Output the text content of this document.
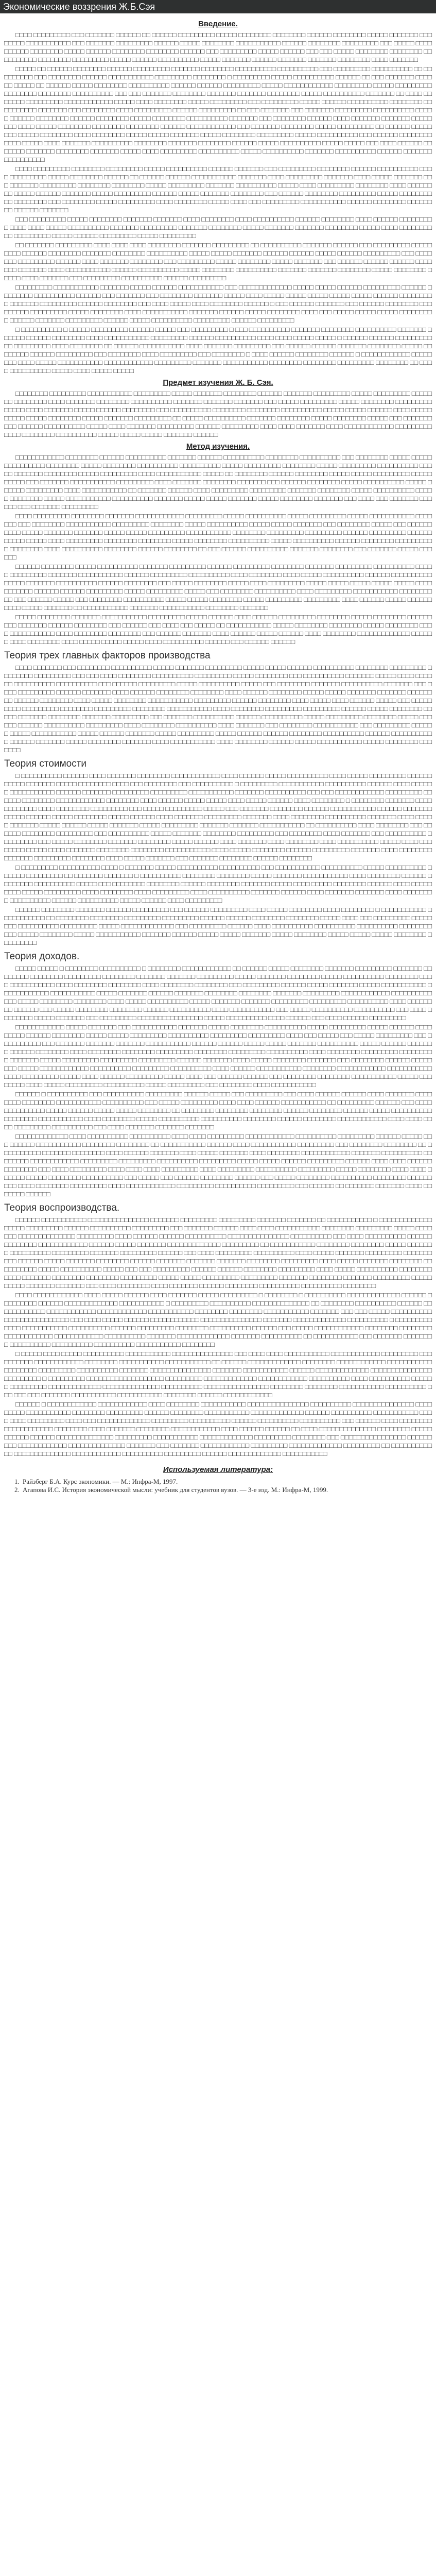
Экономические воззрения Ж.Б.Сэя
Введение.

□□□□ □□□□□□□□□ □□□ □□□□□□□ □□□□□□ □□ □□□□□□ □□□□□□□□□ □□□□□ □□□□□□□□ □□□□□□□□ □□□□□□ □□□□□□□□ □□□□□ □□□□□□□ □□□□□□□□ □□□□□□□□□□□ □□□ □□□□□□□ □□□□□□□□□ □□□□□□ □□□□□ □□□□□□□□ □□□□□□□□□□□ □□□□□□ □□□□□□□□ □□□□□□□□□ □□□ □□□□□ □□□□□□□□□□ □□□□□□□□ □□□□□ □□□□□□ □□□□□□□□ □□□□□□□□ □□□□□□ □□□ □□□□□□□□□ □□□□□ □□□□□□ □□□ □□□ □□□□□ □□□□□□□□ □□□□□□□□ □□□□□□□□□□ □□□□□□□□ □□□□□□□□□ □□□□□ □□□□□□ □□□□□□□□□□ □□□□□ □□□□□□□ □□□□□□ □□□□□□□ □□□□□□□ □□□□□□□□ □□□□ □□□□□□□

□□□□□ □□ □□□□□□ □□□□□□□□ □□□□□□ □□□□□□□□□ □□□□□□□ □□□□□□□□ □□□□□□□□□□ □□□□□□□□□□ □□□ □□□□□□□□□ □□□□□□□□□□ □□ □□□□□□□□□ □□□ □□□□□□□□ □□□□□□ □□□□□□□□□□□ □□□□□□□□□ □□□□□□□□ □ □□□□□□□□□ □□□□□ □□□□□□□□□□ □□□□□□ □□ □□□ □□□□□□□ □□□□□□ □□□□□ □□ □□□□□□ □□□□□ □□□□□□□□ □□□□□□□□□□ □□□□□□ □□□□□□ □□□□□□□□□ □□□□□ □□□□□□□□□□□□ □□□□□□□□□ □□□□□ □□□□□□□□□ □□□□□□□□ □□□□□□□□ □□□□□□□□□□ □□□ □□□ □□□□□□□ □□□□□□□□ □□□□□□□ □□□□□□□ □□□□□□□□ □□□□□ □□□□□□□□□□ □□□□□□□ □□ □□□□ □□□□□□□ □□□□□□□□□ □□□□□□□□□□□□ □□□□□ □□□□ □□□□□□□□ □□□□□ □□□□□□□□□ □□□ □□□□□□□□□ □□□□□ □□□□□□ □□□□□□□□□□ □□□□□□□□ □□□□□□□□□□ □□□□□□□ □□□ □□□□□□□□ □□□□ □□□□□□□□□ □□□□□□ □□□□□□□□□ □□ □□□ □□□□□□□ □□□ □□□□□□□ □□□□□□□□□ □□□□□□□□□□ □□□□□ □□□□□□ □□□□□□□□ □□□□□□ □□□□□□□□ □□□□□ □□□□□□□□ □□□□□□□□□□ □□□□□□□ □□□ □□□□□□□□ □□□□□□ □□□□ □□□□□□□ □□□□□□□ □□□□□□□□ □□□□ □□□□□ □□□□□□□□ □□□□□□□□ □□□□□□□□ □□□□□□ □□□□□□□□□□□□ □□□ □□□□□□□ □□□□□□□□ □□□□□ □□□□□□□□□ □□ □□□□□□ □□□□□□□□ □□□□□ □□□□□□□□ □□□□ □□□□□□□□ □□□□□ □□□□□ □□□□□□□ □□□□□ □□□□□□□□ □□□□□□□□□ □□□□□ □□□□□□□□□□ □□□ □□□□□□ □□□□□□□□□□□□ □□□□□ □□□□ □□□□□□□ □□□□□□□□□□ □□□□□□□□ □□□□□□□ □□□□□□□□ □□□□□□ □□□□□ □□□□□□□□□□ □□□□□ □□□□□ □□□ □□□□ □□□□□□ □□□□□□□ □□□□□□□ □□□□□□□□ □□□□□□□ □□□□□ □□□□ □□□□□□□□□ □□□□□□□□□□ □□□□□ □□□□□□□□□□ □□□□□□□ □□□□□□□□□□ □□□□□□ □□□□□□□ □□□□□□□□□□

□□□□ □□□□□□□□□ □□□□□□□□ □□□□□□□□□ □□□□□ □□□□□□□□□□ □□□□□□ □□□□□□□ □□□ □□□□□□□□□ □□□□□□□□ □□□□□□ □□□□□□□□□□ □□□□ □□□□□□□□□ □□□□□ □□□□□□□□ □□□□□□ □□ □□□□□□ □□□□□□ □□□□□□□□□□□ □□□□□□□ □□□□ □□□□□□□□□ □□□□□□□ □□□□ □□□□□ □□□□□□□ □□□ □□□□□□□ □□□□□□□□□ □□□□□□□□ □□□□□□□□ □□□□□ □□□□□□□□□ □□□□□□□ □□□□□□□□□□ □□□□□ □□□□ □□□□□□□□□ □□□□□□□□ □□□□ □□□□□□□□ □□□□□ □□□□□□ □□□□□□□ □□□□□ □□□□□□□□□ □□□□□□ □□□□□ □□□□□□□ □□□□□□□□ □□□ □□□□□□ □□□□□□□□ □□□□□□□□□ □□□□□ □□□□□□□□□□ □□□□□□□□ □□□ □□□□□□□□ □□□□□ □□□□□□□□□ □□□□ □□□□□□□□ □□□□□ □□□□ □□□ □□□□□□□□□ □□□□□□□□□□□ □□□□□□ □□□□□□□□ □□□□□□□□ □□□□□□ □□□□□□□

□□□ □□□□□□□□□ □□□□□ □□□□□□□□ □□□□□□□ □□□□□□□ □□□□ □□□□□□□□ □□□□ □□□□□□□□□□ □□□□□□ □□□□□□□□ □□□□ □□□□□□ □□□□□□□□□ □□□□ □□□□ □□□□□ □□□□□□□□□□ □□□□□□□ □□□□□□□□□ □□□□□□□ □□□□□□□□ □□□□□ □□□□□□□ □□□□□□□ □□□□□□□□ □□□□□ □□□□ □□□□□□□□□□ □□□□□□□□□ □□□□□ □□□□□□ □□□□□□□□□ □□□□□ □□□□□□□□□

□□ □□□□□□□ □□□□□□□□□ □□□□ □□□□ □□□□ □□□□□□□□ □□□□□□□ □□□□□□□□□ □□ □□□□□□□□□□ □□□□□□□ □□□□□□ □□□ □□□□□□□□□ □□□□□□□□□ □□□□□□ □□□□□□□□ □□□□□□□ □□□□□□□□ □□□□□□□□□□ □□□□□ □□□□□ □□□□□□□ □□□□□□ □□□□□□ □□□□□ □□□□□□ □□□□□□□□□ □□□ □□□□□□□ □□□□□□□□□ □□□□□□ □□□□ □□□□□□□ □□□□□□□□ □□□ □□□□□□□□□ □□□□□ □□□□□□□□ □□□□□ □□□□□□□ □□□ □□□□□□ □□□□□□ □□□□□□ □□□□□□□ □□□□□□□ □□□□ □□□□□□□□□□□ □□□□□□ □□□□□□□□□□ □□□□□ □□□□□□□□ □□□□□□□□□□ □□□□□□□ □□□□□□□ □□□□□□□□ □□□□□ □□□□□□□□ □□□□□ □□□□ □□□□□□□ □□□ □□□□□□□□□ □□□□□□□□□□ □□□□□□ □□□□□□□□□

□□□□□□□□□ □□□□□□□□□□□ □□□□□□□ □□□□□ □□□□□□ □□□□□□□□□□□ □□□ □□□□□□□□□□□□□ □□□□□ □□□□□ □□□□□□ □□□□□□□□□ □□□□□□ □□□□□□□□ □□□□□□□□□□ □□□□□□ □□□ □□□□□□□ □□□ □□□□□□□□ □□□□□□□ □□□□□ □□□□ □□□□□ □□□□□ □□□□□ □□□□□ □□□□□ □□□□□□ □□□□□□□□□ □□□□□□□ □□□□□□□□□ □□□□□□ □□□□□□□□ □□□ □□□□ □□□□□ □□□□ □□□□□□□□ □□□□□□ □ □□□ □□□□□□ □□□□□□□ □□□ □□□□□□ □□□□□□□□ □□□□□□□□□ □□□□□□□□□ □□□□□ □□□□□□□□ □□□□ □□□□□□□□□□□ □□□□□□□ □□□□□□ □□□□□ □□□□□□□□ □□□□ □□□ □□□□□ □□□□□ □□□□□ □□□□□□□□□ □□□□□□ □□□□□□□ □□□□□□□□□ □□□□□□ □□□□□ □□□□□□□□□□ □□□□□□□□□ □□□□□□ □□□□□□□□□

□ □□□□□□□□□□ □ □□□□□ □□□□□□□□□ □□□□□□ □□□□□ □□□ □□□□□□□□□ □ □□□ □□□□□□□□□□ □□□□□□□ □□□□□□□□ □□□□□□□□□□ □□□□□□□ □□□□□□ □□□□□□ □□□□□□□□ □□□□ □□□□□□□□□□□ □□□□□□□□□ □□□□□□ □□□□□□□□□□ □□□□ □□□□ □□□□□ □□□□□ □ □□□□□□ □□□□□□ □□□□□□□□□□□ □□□□□□□□□ □□□□ □□□□□□□□ □□ □□□□□□ □□□□□□□□□□□ □□□□ □□□□□□□ □□□□□□□□□ □□□ □□□□□□ □□□□□□ □□□□□□□ □□□□□□□□ □□□□□ □□□□□□□□ □□□□□□ □□□□□□□□□ □□□ □□□□□□□□ □□□□ □□□□□□□□□ □□□ □□□□□□□□ □ □□□□ □□□□□□ □□□□□□□□ □□□□□□ □ □□□□□□□□□□□□ □□□□□□□□ □□□□ □□□□□ □□□□□□□□□□□ □□□□□□□□□□□□ □□□□□□□□□ □□□□□□□ □□□□□□□□□□□ □□□□□□□□ □□□□□□□□ □□□□□□□□□ □□□□□□□□ □□ □□□□ □□□□□□□□□□ □□□□□ □□□□ □□□□□ □□□□□

Предмет изучения Ж. Б. Сэя.

□□□□□□□□ □□□□□□□□□ □□□□□□□□□□□ □□□□□□□□□ □□□□□ □□□□□□□ □□□□□□□□ □□□□□□ □□□□□□□ □□□□□□□□□ □□□□□ □□□□□□□□□ □□□□□□□ □□□□□□□□ □□□□ □□□□□□□ □□□□□□□□ □□□□□□□□□□ □□□□□□□ □□□□□□□ □□□□□□□ □□□ □□□□□ □□□□□□□□□ □□□□□ □□□□□□□□ □□□□□□□□□ □□□□□ □□□□ □□□□□□□ □□□□□ □□□□□□ □□□□□□□□ □□□ □□□□□□□□□□ □□□□□□□□ □□□□□□□□ □□□□□□□□□□ □□□□□ □□□□□ □□□□□□ □□□□ □□□□□□□□□□ □□□□□ □□□□□□□□ □□□□□ □□□□□□□ □□□□□□□□□ □□ □□□□□ □□□□□□□□□□ □□□□□□□ □□□□□□□□ □□□□□ □□□□□□□□ □□□□□ □□□ □□□□□□□□□□ □□□□□□ □□□□□□□□□□ □□□□□ □□□□ □□□□□□□ □□□□□□□□□ □□□□□□ □□□□□□□□□ □□□□ □□□□ □□□□□□□ □□□□ □□□□□□□□□□□□ □□□□□□□□□ □□□□ □□□□□□□□ □□□□□□□□□□ □□□□□ □□□□□ □□□□□ □□□□□□□ □□□□□□

Метод изучения.

□□□□□□□□□□□□ □□□□□□□□ □□□□□□ □□□□□□□□□□ □□□□□□□ □□□□□□ □□□□□□□□□□ □□□□□□□□ □□□□□□□□□□ □□□ □□□□□□□□ □□□□□ □□□□□ □□□□□□□□□□ □□□□□□□□ □□□□□ □□□□□□□□ □□□□□□□□□□ □□□□□□□□□□ □□□□□ □□□□□□□□□ □□□□□□□□ □□□□□ □□□□□□□□□ □□□□□□□□□□ □□□□□ □□□□□□□ □□□□□□□□ □□□□□ □□□□□□□□□ □□□□ □□□□□□□□□□□ □□□□□ □□ □□□□□□□□ □□□□□□ □□□□□□□□ □□□□□ □□□□□ □□□□□□□□□ □□□□□□□□□□ □□□ □□□□□□□ □□□□□□□□□□□ □□□□□□□□□ □□□□ □□□□□□□ □□□□□□□□ □□□□□□□ □□□ □□□□□□ □□□□□□□□ □□□□□ □□□□□□□□□□ □□□□□ □□□□□□ □□□□□□□□□ □□□□ □□□□□□□□□□□ □□ □□□□□□□ □□□□□□ □□□□ □□□□□□□□□ □□□□□□□□□ □□□□□□□ □□□□□□□□ □□□□□ □□□□□□□□□□ □□□□□ □□□□□□□□ □□□□□ □□□□□□□□□□□ □□□□□□□□□□ □□□□□□□ □□□□□ □□□□□ □□□□□□□ □□□□□ □□□□□□□□ □□□□□□□ □□□ □□□□ □□□ □□□□□□□ □□□□□□ □□□ □□□□□□□ □□□□□□□□□

□□□□ □□□□□□□□□ □□□□□□□□ □□□□□□□ □□□□□□□□□□□□ □□□□□□□□□ □□□□□ □□□□□□□□□□ □□□□□ □□□□□□□□□ □□□□□ □□□□□□□□□□□ □□□□□□□ □□□ □□□□□□□□ □□□□□□□□□□□ □□□□□□□□□ □□□□□□□□ □□□□□ □□□□□□□□□□ □□□□□ □□□□□ □□□□□□□ □□□ □□□□□□□□ □□□□□ □□□ □□□□□□□□□□ □□□□□ □□□□□□□ □□□□□□□ □□□□□ □□□□□ □□□□□□□□□ □□□□□□□□□□□ □□□□□□□□ □□□□□□□□□ □□□□□□□□□ □□□□□□ □□□□□□□□□ □□□□□□□□□□□ □□□□□ □□□□ □□□□□□□□□ □□□□□□□□ □□□□□□□□ □□□□□ □□□□□□□□ □□□□□□□□□□ □□□□□ □□□□□□□□□□ □□□□□□ □□□□□□□□ □□□□□□□□□□ □□□□□□□□ □□□□ □□□□□□□□□□ □□□□□□□□ □□□□□□ □□□□□□□□ □□ □□□ □□□□□□ □□□□□□□□□□ □□□□□□□ □□□□□□□□ □□□ □□□□□□□ □□□□□ □□□□□□

□□□□□□ □□□□□□□□ □□□□□ □□□□□□□□□□ □□□□□□□ □□□□□□□□□ □□□□□□ □□□□□□□□□ □□□□□□□□ □□□□□□□ □□□□□□□□□ □□□□□□□□□□ □□□□□ □□□□□□□□□ □□□□□□□ □□□□□□□□□□□ □□□□□□ □□□□□□□□□ □□□□□□□□□□ □□□□ □□□□□□□□ □□□□ □□□□□ □□□□□□□□□□ □□□□□□ □□□□□□□□□□ □□□□□ □□□□□□□ □□□□□□□□□□ □□□□□□ □□□□□□□□ □□□ □□□□□ □□□□□□□□ □□□□□ □□□□ □□□□□□□□□ □□□□□ □□□□□ □□□□□ □□□□□ □□□□□ □□□□□□□□□□□ □□□□□□ □□□□□□ □□□□□□□□□ □□□□□ □□□□□□□□□ □□□□□ □□□ □□□□□□□□ □□□□□□□□□□ □□□□ □□□□□□□□□ □□□□□□□□□□□ □□□□□□□□□□ □□□ □□□□□□ □□□□□ □□□ □□□□□□□□ □□□□□□□□□□ □□□□□ □□□□□ □□□□□□□□ □□□□□ □□□□□□□□□ □□□□□□□□□ □□□□ □□□□□□ □□□□□ □□□□□□□□□□ □□□□□ □□□□□□□ □□ □□□□□□□□□□□ □□□□□□□ □□□□□□□□□□□ □□□□□□□□ □□□□□□□

□□□□□ □□□□□□□□ □□□□□□□ □□□□□□□□□□□ □□□□□□□□□ □□□□□ □□□□□□ □□□□ □□□□□□ □□□□□□□□□ □□□□□□□□ □□□□□ □□□□□□□□ □□□□□□□□□ □□□□□□□ □□□□□□ □□□□□□□□ □□□ □□□□□□ □□□ □□□□ □□□ □□□□□ □□ □□□□□□□□□□□ □□□□□ □□□□□□□□ □□□□□□□□ □□□□□ □□□□□□□□ □□□□ □□□□□□□□□□□ □□□□ □□□□□□□□ □□□□□□□□ □□□ □□□□□□ □□□□□□□ □□□□ □□□□□□ □□□□□ □□□□□□ □□□□ □□□□□□□□ □□□□□□□□□□□□□ □□□□□□ □□□□ □□□□□□□□ □□□□ □□□□□ □□□□□ □□□□□ □□□□ □□□□□□□□□□ □□□□□□ □□□ □□□□□□ □□□□□□

Теория трех главных факторов производства

□□□□ □□□□□□□ □□□ □□□□□□□□ □□□□□□□□□□ □□□□□ □□□□□□□ □□□□□□□□□ □□□□□ □□□□□ □□□□□□ □□□□□□□□□□ □□□□□□□□ □□□□□□□□□ □□□□□□□□ □□□□□□□□□ □□□ □□□ □□□□ □□□□□□□□ □□□□□□□□□□ □□□□□□□□□ □□□□□ □□□□□□□□ □□□ □□□□□□□□□□ □□□□□□□ □□□□□ □□□□ □□□□□□ □□□□□□□□□□ □□□□□□□□□□ □□□ □□□□□□ □□□□□□□□□ □□□□□ □□□□□□□□□□ □□□□□ □□□ □□□□□□□□ □□□□□□□ □□□□□□□□□□ □□□□□□□ □□□ □□□□ □□□□□□□□□ □□□□□□ □□□□□□□ □□□□ □□□□□□ □□□□□□□□ □□□□□□□□ □□□□ □□□□□□ □□□□□□□□ □□□□□ □□□□□ □□□□□□□ □□□□□□□ □□□□□□□□ □□□□□□ □□□□□□□□ □□□□ □□□□□ □□□□□□□□ □□□□□□□□□□□ □□□□□□□□□ □□□□□□ □□□□□□□□ □□□□ □□□□□ □□□□ □□□□□□ □□□□□ □□□ □□□□□ □□□□ □□□□□□□□□ □□□□□□□□ □□□□□□□□□ □□□□□□□□ □□□□□□□□□□□ □□□□ □□□□□□□□ □□□□□□□□□ □□□□□□□□□ □□□□□□ □□□□□ □□□□□□□□ □□□□□ □□□□□□□ □□□□□□□□ □□□□□□□ □□□□□□□□□ □□□ □□□□□□□ □□□□□□□□□□ □□□□□□ □□□□□□□□□□ □□□□□ □□□□□□□□□ □□□□□□□□ □□□□□ □□□□□□ □□□□□□ □□□□□□□□□□ □□□□□□□□□ □□□□ □□□□□□□□ □□□□□□□□□□ □□□□ □□□□□□□ □□□ □□□□□□□□ □□□□□□□□□□□ □□□ □□□□□□□□□ □□□□□□ □□□□□ □□□□□□□□□□□ □□□□□ □□□□□□ □□□□□□□ □□□□□ □□□□□□□□□ □□□□□ □□□□□□ □□□□□□ □□□□□□□□ □□□□□□□□□□ □□□□□□ □□□□□□□□□□□ □□□□□□ □□□□□□□ □□□□□ □□□□□□□□ □□□□□□□ □□□□ □□□□□□□□□□□ □□□□ □□□□□□□□ □□□□□□ □□□□□ □□□□□□□□□□□ □□□□□ □□□□□□□□ □□□□□□□

Теория стоимости

□ □□□□□□□□□□ □□□□□□ □□□□ □□□□□□□ □□□□□□□□ □□□□□□□□□□□□ □□□□ □□□□□□ □□□□□ □□□□□□□□□□ □□□□ □□□□□ □□□□□□□□□ □□□□□□□□□□□ □□□□□□□ □□□□□ □□□□□□□□ □□□□ □□□ □□□□□□□□ □□□ □□□□□□□□□□ □ □□□□□□□□□ □□□□□□□□□□□ □□□□□□□□□□ □□□□□□ □□□□ □□□□□□ □□□□□□□□□□□ □□□□□□ □□□□□□□ □□□□□□□□□ □□□□□□□□□ □□□□□□□□□□□ □□□□□□□ □□□□□□□□□□ □□□ □□□ □□□□□□□□□□□□ □□□□□□□□□ □□□□□□ □□□□□□□□ □□□□□□□□□□□□ □□□□□□□□ □□□□ □□□□□□ □□□□□ □□□□□ □□□□ □□□□□ □□□□□□ □□□□ □□□□□□□□ □ □□□□□□□□ □□□□□□□ □□□□ □□□□□□□□ □□□□ □□□□□□□□ □□□□□□□□□ □□□ □□□□□ □□□□□□□□□ □□□□□ □□□ □□□□□□□ □□□□□□□□ □□□□□□ □□□□□□□□□□□ □□□□□□ □□□□□□□ □□□□□ □□□□□□ □□□□□ □□□□□□□□ □□□□□ □□□□□□ □□□□ □□□□□□□ □□□□□□□□□ □□□□□□□ □□□□ □□□□□□□□ □□□□□□□□□□ □□□□□□□ □□□□ □□□□□ □□□□□□□ □□□□□ □□□□□□ □□□□□ □□□□□□□ □□□□□ □□□□□□□□□ □□□□□□□ □□□□□□□ □□□□□□□□□□□ □□ □□□□□□□□□□ □□□□ □□□□□□□□ □□□ □□□□□□ □□□□□□□□ □□□□□□□□□ □□□ □□□□□□□□□□ □□□□□ □□□□□□□ □□□□□□□□ □□□□□□□□□ □□□ □□□□□□□□ □□□□ □□□□□□□ □□□ □□□□□□□□□□ □□□□□□□□□ □□□ □□□□□ □□□□□□□□ □□□□□□□ □□□□□□□□ □□□□□ □□□□□□ □□□□ □□□□□□□ □□□□ □□□□□□□□ □□□□ □□□□□□□□□□ □□□□□ □□□□ □□□□□□□□ □□□□□ □□□□ □□□□□□□ □□□□□□□□ □□□□□□□□ □□□□□□□□□□□ □□□□ □□□□□ □□□□□□□□ □□□□□□ □□□□□□□□□ □□□□□□□ □□□□ □□□□□□□□ □□□□□□□ □□□□□□□□□ □□□□□□□□ □□□□ □□□□□ □□□□□□□ □□□ □□□□□□□ □□□□□□□□ □□□□□□ □□□□□□□□

□ □□□□□□□□□ □□□□□□□□□□ □□□□ □ □□□□□□□ □□□□□ □□□□□□□□□□ □□□□□□□□□□ □□□ □□□□□□□□□□□ □□□□□□□□□□ □□□□□ □□□□□□□□□□ □□□□□□ □□□□□□□□□ □□ □□□□□□□ □□□□□□□ □ □□□□□□□□□□ □□□□□□□□ □□□□□□□□ □□□□□ □□□□□□□ □□□□□□□□□□□ □□□□ □□□□□□□□ □□□□□□ □□□□□□□□ □□□□□□□□□□ □□□□□ □□□ □□□□□□□□ □□□□□□□□ □□□□□□ □□□□□□□□ □□□□□□□ □□□□□ □□□□ □□□□□ □□□□□□□□ □□□□□□ □□□□ □□□□□□□□□ □□□□□ □□□□□□□□□ □□□□ □□□□□□□□ □□□□ □□□□□□□□□ □□□□ □□□□□□□□□□ □□□□□□□ □□□□□□ □□□□ □□□□□□□ □□□□□□□ □□□□ □□□□□□□□ □□□□□□□□□□ □□□□□□ □□□□□□□□□□ □□□□□ □□□□□□ □□□□ □□□□□□□□□

□□□□□□ □□□□□□□□ □□□□□□□ □□□□□□ □□□□□□□□□ □□□ □□□□□□ □□□□□□□□□ □□□□ □□□□□ □□□□□□□□ □□□□ □□□□□□□□ □ □□□□□□□□□□□ □□□□□□□□□□□ □□ □□□□□□□□ □□□□□□□□ □□□□□□□□□ □□□□□□□□□ □□□□□□ □□□□□□ □□□□□□□□ □□□□□□□□ □□□□□ □□□□ □□□ □□□□□□□□□ □□□□□□□□ □□□□□□□□□□ □□□□□□□□□ □□□□□ □□□□□□□□□□□□□ □□□ □□□□□□□□□ □□□□□□ □□□□ □□□□□□□□□□ □□□□□□□□□□ □□□□□□□□□□ □□□□□□□□□□□ □□□□□ □□□□□□□□ □□□□□ □□□□□□□□□□□ □□□□□□□ □□□□□□ □□□□□ □□□□□ □□□□□□□ □□□□□ □□□□□□□□ □□□□□ □□□□□ □□□□□ □□□□□□□□ □□□□□□□□□

Теория доходов.

□□□□□ □□□□□ □ □□□□□□□□ □□□□□□□□□□ □ □□□□□□□□ □□□□□□□□□□□□ □□ □□□□□□ □□□□□ □□□□□□□□ □□□□□□□ □□□□□□□□□ □□□□□□□ □□□□□□□□ □□□□□□□□ □□□□□□□□□ □□□□□□□□ □□□□□□□ □□□□□□□ □□□□□□□□□ □□□□□ □□□□□□□ □□□□□□□□ □□□□□ □□□□□□□□□□ □□□□□□□□ □□□□ □□□□□□□□□□□ □□□□ □□□□□□□□ □□□□□□□□ □□□□ □□□□□□□□ □□□□□□□□ □□□ □□□□□□□□□ □□□□□□ □□□□□ □□□□□□□ □□□□□ □□□□□□□□□□□ □□□□□□□□□□□□ □□□□□□□□□□□ □□□□□ □□□□□□□ □□□□□□ □□□□□□□ □□□□□□□□ □□□□□□□□ □□□□□□□ □□□□□□□□□ □□□□□□□□□□□□ □□□□□□□□□□ □□□ □□□□□ □□□□□□□□ □□□□□□□□ □□□□ □□□□□ □□□□□□□□□□ □□□□□ □□□□□□□ □□□□□□□ □□□□□□□□□ □□□□□□□□□ □□□□□□□□□□ □□□□ □□□□□□□□ □□□□□□ □□□ □□□□□ □□□□□□□□ □□□□□□□□ □□□□□□ □□□□□□□□□□ □□□□ □□□□□□□□□□□ □□□ □□□□□ □□□□□□□□□□ □□□□□□□□□□ □□□ □□□□ □□□□□□□□ □□□□□ □□□□□□□ □□□ □□□□□□□□□ □□□□□□□□□□□□□□□□ □□□□□ □□□□□□□□□□ □□□□ □□□□□□ □□□ □□□□ □□□□□□ □□□□□□□□□

□□□□□□□□□□□□ □□□□□ □□□□□□□ □□□ □□□□□□□□□□□ □□□□□□□ □□□□□ □□□□□□□□ □□□□□□□□□□ □□□□□ □□□□□□□□□ □□□□□ □□□□□□ □□□□□□□□□ □□□□□□ □□□□□□□□ □□□□□ □□□□□ □□□□□□□□□ □□□□□□□□□□ □□□□□□□□□ □□□□□□□□□ □□□□ □□□ □□□□□ □□□ □□□□□ □□□□□□□□□ □□□ □□□□□□□□□□ □□□ □□□□□□□ □□□□□□□ □□□□□□□ □□□□□□□□□□□ □□□□□□ □□□□□□ □□□□□ □□□□□ □□□□□□□ □□□□□□□□□□ □□□□□ □□□□□□ □□□□□□□ □□□□□□ □□□□□□□□ □□□□ □□□□□□□□ □□□□□□□□ □□□□□□□□□ □□□□□□□□ □□□□□□□□□ □□□□□□□□□□ □□□□ □□□□□□□□ □□□□□□□□□ □□□□□□□□□ □□□□□□□ □□□□□ □□□□□□□□□ □□□□□□□□□ □□□□□□□□□ □□□□□□ □□□□□□□ □□□□ □□□□□ □□□□□□□□ □□□□□□□ □□□ □□□□□□□□ □□□□□□ □□□□□□□□ □□□□□ □□□□□□□□□□□□ □□□□□□□□□□ □□□□□□□□□ □□□□□□□□□□ □□□□ □□□□□□ □□□□□□□□□□□ □□□□□□□□ □□□□□□□□□□□□ □□□□□□□□□□□□□□□ □□□□□□□□□ □□□□□ □□□□ □□□□□□ □□□□□□□□□ □□□□□ □□□□ □□□ □□□□□□ □□□□□□ □□□ □□□□□□□□ □□□□□□□□ □□□□□□□□□□□ □□□□□ □□□□□□□□ □□□□ □□□□□ □□□□□□□□□ □□□□□□□□□□ □□□□□ □□□□□□□□□ □□□ □□□□□□□□ □□□□ □□□□□□□□□□□

□□□□□□ □ □□□□□□□□□□ □□□ □□□□□□□□□□ □□□□□□□□□ □□□□□□ □□□□□ □□□ □□□□□□□□□ □□□ □□□□ □□□□□□ □□□□□□ □□□□ □□□□□□□ □□□□□□□□ □□□□□□□□ □□□□□□□□□□□ □□□□□□□□□□ □□□ □□□□□ □□□□□□□□□ □□□□ □□□□ □□□□□□ □□□□□□□□□□□ □□ □□□□□□□□□ □□□□□□ □□□ □□□□ □□□□□□□□□□ □□□□□ □□□□□□ □□□□□ □□□□□ □□□□□□□□ □□ □□□□□□□□ □□□□□□□□ □□□□□□□□ □□□□□□ □□□□□□□□ □□□□□□ □□□□□ □□□□□□□□□□ □□□□□□□□ □□□□□□□□□□□ □□□□ □□□□□□□□ □□□□□ □□□□□□□□□□ □□□□□□□□□□ □□□□□□□□ □□□□□□ □□□□□□□□ □□□□□□□□□□□□ □□□□ □□□□ □□□□ □□□□□□□□□ □□□□□□□□□□ □□□ □□□□ □□□□□□□ □□□□□□□ □□□□□□□

□□□□□□□□□□□□□ □□□□ □□□□□□□□□□ □□□□□□□□□□ □□□□ □□□□ □□□□□□□□□ □□□□□□□□□□□□ □□□□□□□□□□ □□□□□□□□□ □□□□□□ □□□□□ □□□ □□□□□□ □□□□□□□□□□□ □□□□□□□□ □□□□□□□□ □□ □□□□□□□□□□□ □□□□□□ □□□□ □□□□□□□□□□□ □□□□□□□□□ □□□ □□□□□□□□ □□□□□□□□ □□ □□□□□□□□□□ □□□□□□□ □□□□□□□□ □□□□ □□□□□□ □□□□□□□ □□□□ □□□□□ □□□□□□□ □□□□ □□□□□□□□ □□□□□□□□□□□□ □□□□□□□ □□□□□□□□□□ □□□□□□□□ □□□□□□□□□□□□ □□□□□□□□□ □□□□□□□□□ □□□□□□□□□□ □□□□□□□□□ □□□□□ □□□□□ □□□□□□ □□□□□□□□□ □□□□□□ □□□□ □□□□ □□□□□□ □□□□□□□□ □□□ □□□□ □□□□□□□□□ □□□□ □□□□ □□□□ □□□□□□□□□ □□□□ □□□□□□□□□ □□□□□□□□□□ □□□□□□□□□ □□□□□ □□□□□□□□ □□□□ □□□□ □□□□□□ □□□□□ □□□□□□□□ □□□□□□□□□□ □□□ □□□□□ □□□ □□□□□□ □□□□□□□□ □□□□□□ □□□ □□□□□ □□□□□□□□ □□□□□□□□□□ □□□□□□□□ □□□□□□□□□ □□□□ □□□□□□□□ □□□□□□□□□ □□□□ □□□□□□□□□□□□ □□□□□□□□□ □□□□□□□□□□ □□□□□□□□□ □□□ □□□□□□ □□ □□□□□□□ □□□□□□□ □□□□ □□□□□□□ □□□□□□

Теория воспроизводства.

□□□□□□ □□□□□□□□□□□ □□□□□□□□□□□□□□□ □□□□□□□ □□□□□□□□□ □□□□□□□□□ □□□□□□□ □□□□□□□ □□ □□□□□□□□□□□ □ □□□□□□□□□□□□□ □□□□□ □□□□□□□□□ □□□□□□ □□□□□□□□□□ □□□□□□□□□ □□□ □□□□□□□ □□□□□□ □□□□ □□□□ □□□□□□□□□□□ □□□□□□□□ □□□□□□□□□ □□□□□ □□□□□□□ □□□□□□□□□□□□□□ □□□□□□□□□ □□□□ □□□□□□ □□□□□□ □□□□□□□□□□ □□□□□□□□□□□□□□□ □□□□□□□□□□ □□□ □□□□ □□□□□□□□□□ □□□□□□ □□□□□□□□ □□□□□□□□□□□□ □□□□□□ □□□□□ □□□□□□□ □□□□□□□□□□□□□ □□□□□□□□□ □□ □□□□□□□□□□□ □□□□□□□□ □□□□□□□□ □□□□□ □□□□□□□ □□□□□□□□□□ □□□□□□□□□ □□□□□□□ □□□□□□□□□ □□□□□□ □□□ □□□□ □□□□□□□□□ □□□□□□□□□□ □□□□ □□□□□ □□□□□□□ □□□□□□□□□ □□□□□□□ □□□ □□□□□□ □□□□□ □□□□□□□ □□□□□□□□ □□□□□□ □□□□□□□ □□□□□□□ □□□□□□□ □□□□□□□□ □□□□□□□□□ □□□□ □□□□□ □□□□□□□ □□□□□□□□ □□□□□□□□□□ □□□□□ □□□□□□□□□□ □□□□□ □□□ □□□ □□□□□□□□□ □□□□□□ □□□□□□ □□□□□□□□ □□□□□□□□□ □□□□ □□□□□ □□□□□□□□□□ □□□□□□□□ □□□□ □□□□□□□ □□□□□□□□ □□□□□□□□ □□□□□□□□□ □□□□□ □□□□□ □□□□□□□□□ □□□□□□□□□ □□□□□□□ □□□□□□□□ □□□□□□□ □□□□□□□□□ □□□□□□□□□□ □□□□□□□ □□□□□□□ □□□ □□□□ □□□□□□□□ □□□□ □□□□□□□ □□□□□□ □□□□□□□□ □□□□□□□□□□ □□□□□□□□□□ □□□□□□□□

□□□□ □□□□□□□□□□□□ □□□□ □□□□□ □□□□□□ □□□□ □□□□□□□ □□□□□ □□□□□□□□□ □ □□□□□□□□ □ □□□□□□□□□□ □□□□□□□□□□□□□ □□□□□□ □□□□□□□□□ □□□□□□ □□□□□□□□□□□□□ □□□□□□□□□□□ □ □□□□□□□□□ □□□□□□□□□□ □□□□□□□□□□□□□□ □□ □□□□□□□□ □□□□□□□□□□ □□□□□□ □□□□□□□□□□□□ □□□□□□□□□□□□ □□□□□□□□□□□□ □□□□□□□□□□□ □□□□□□□□ □□□□□□□□ □□□□□□□□□□□ □□□□□□□ □□□ □□□ □□□□□ □□□□□□□□□□ □□□□□□□□□□□□□□□□ □□□ □□□□ □□□□□ □□□□□□ □□□□□□□□□□□□ □□□□□□□□□□□□□□□ □□□□□□□ □□□□□□□□□□□□□ □□□□□□□□□□ □ □□□□□□□□□□□□□ □□□□□□□□□□□ □□□□□□□□□□ □□□□□□ □□□□□□□□□ □□□□□□□□ □□□□□□□□□□ □□□□□□ □□□ □□□□□ □□□□□□□□□□□□ □□□□□□□□ □□□□□□□□ □□□□□□□□□□□□ □□□□□□□□□□□□ □□□□□□□□□□ □□□□□□□ □□□□□□□□□□□□□ □□□□□□□ □□□□□□□□□□ □□ □□□□□□□□□□□ □□□ □□□□□□□ □□□□□□□□ □□□□□□□□□□ □□□□□□□□□□ □□□□□□□□□□ □□□□□□□□□□□ □□□□□□□□

□ □□□□□ □□□□ □□□□□ □□□□□□□□□□ □□□□□□□□□□□ □□□□□□□□□□□□□□□ □□□ □□□□ □□□□ □□□□□□□□□□□ □□□□□□□□□□□□ □□□□□□□□□ □□□□□□□□□□ □□□□□□□□□□□□ □□□□□□□□ □□□□□□□□□□□ □□□□□□□□□□□ □□ □□□□□□ □□□□□□□□□□□□□ □□□□□□□□ □□□□□□□□□□□□ □□□□□□□□□□□ □□□□□□□□ □□□□□□□□□ □□□□□□□□□□ □□□□□□□ □□□□□□□□□□□□□□□ □□□□□□□ □□□□□□□□□□□ □□□□□□ □□□□□□□□□□□□□ □□□□□□□□□□□□□□□ □□□□□□□□□ □ □□□□□□□□□ □□□□□□□□□□□□□□□□□□□ □□□□□□□□□ □□□□□□□□□□□□□ □□□□□□□□□□□□ □□□□□□□□□□ □□□□ □□□□□□□□□□ □□□□□□ □□□□□□□□□ □□□□□□□□□□□□□ □□□□□□□□□□□□□□ □□□□□□□□□□ □□□□□□□□□□□□□□□□ □□□□□□□□ □□□□□□□□ □□□□□□□□□□□ □□□□□□□□□□ □□□ □□□ □□□ □□□□□□□ □□□□□□□□□□□ □□□□□□□□□□□ □□□□□□□□ □□□□□□ □□□□□□□□□□□□

□□□□□□ □ □□□□□□□□□□□□ □□□□□□□□□□□□ □□□□ □□□□□□□□ □□□□□□□□□□□ □□□□□□□□□□□□□□□ □□□□□□□□□□ □□□□□□□□□□□□□□□ □□□□□□□□□ □□□□□□□□□□□ □□□□□□□□ □□□□□□□□□ □□□□□□ □□□□□□□□ □□□□□□□□□□□ □□□□□□□□□□□□□ □□□□□□ □□□□□□□□□□ □□□□□□□□□□□ □□□□ □□□□ □□□□□□□□□ □□□□ □□□ □□□□□□□□□□□□□ □□□□□□□□□ □□□□□□□□□□ □□□□□□ □□□□□□□□□□ □□□□□□□□□□ □□□ □□□□□□ □□□□ □□□□□□□□ □□□□□□□□□□□□ □□□□□□□□ □□□□ □□□□□□□ □□□□□□□□ □□□□□□□□□□□□ □□□□ □□□□□□ □□□□□□ □□ □□□□ □□□□□□□□□□□□□□ □□□□□□□□ □□□□□□□□□□□ □□□□□□ □□□□□□□□□□□□□□ □□□□□□□□□ □□□□□□□□□□□ □□□□□□□□□□□□□ □□□□□□□□□ □□□□□□□□ □□□ □□□□□□□□□□□□□□□□ □□□□□□□□□ □□□□□□□□□□□□ □□□□□□□□□□□□□□ □□□□□□□ □□□ □□□□□□□ □□□□□□□□□□□□ □□□□□□□□□ □□□□□□□□□□□□□ □□□□□□□□□ □□ □□□□□□□□□□□□ □□□□□□□□□□□□□□ □□□□□□□□□□□□ □□□□□□□□□□ □□□□□□□□□ □□□□□□ □□□□□□□□□□□□□ □□□□□□□□□□□

Используемая литература:
1. Райзберг Б.А. Курс экономики. — М.: Инфра-М, 1997.
2. Агапова И.С. История экономической мысли: учебник для студентов вузов. — 3-е изд. М.: Инфра-М, 1999.
